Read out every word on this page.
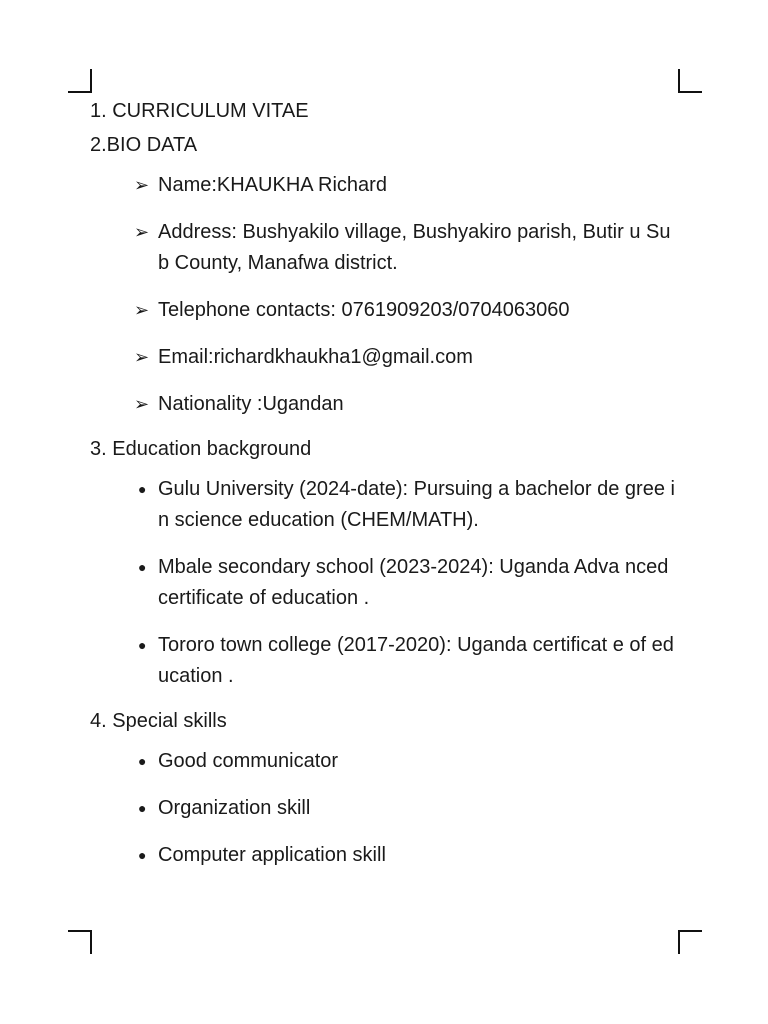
1. CURRICULUM VITAE
2.BIO DATA
➢ Name:KHAUKHA Richard
➢ Address: Bushyakilo village, Bushyakiro parish, Butir u Sub County, Manafwa district.
➢ Telephone contacts: 0761909203/0704063060
➢ Email:richardkhaukha1@gmail.com
➢ Nationality :Ugandan
3. Education background
● Gulu University (2024-date): Pursuing a bachelor de gree in science education (CHEM/MATH).
● Mbale secondary school (2023-2024): Uganda Adva nced certificate of education .
● Tororo town college (2017-2020): Uganda certificat e of education .
4. Special skills
● Good communicator
● Organization skill
● Computer application skill
